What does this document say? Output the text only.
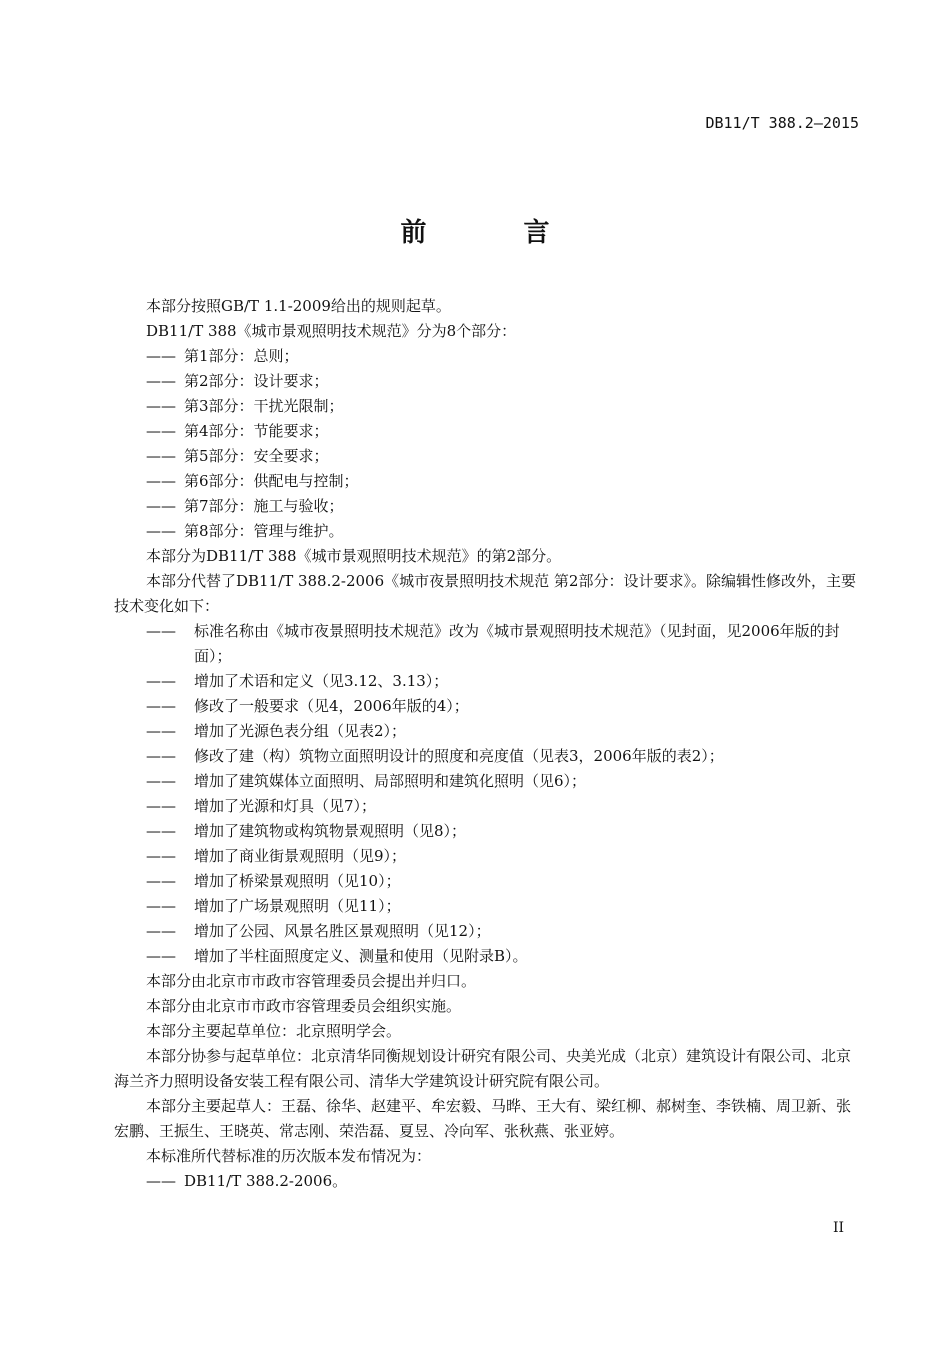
DB11/T 388.2—2015
前 言
本部分按照GB/T 1.1-2009给出的规则起草。
DB11/T 388《城市景观照明技术规范》分为8个部分：
—— 第1部分：总则；
—— 第2部分：设计要求；
—— 第3部分：干扰光限制；
—— 第4部分：节能要求；
—— 第5部分：安全要求；
—— 第6部分：供配电与控制；
—— 第7部分：施工与验收；
—— 第8部分：管理与维护。
本部分为DB11/T 388《城市景观照明技术规范》的第2部分。
本部分代替了DB11/T 388.2-2006《城市夜景照明技术规范 第2部分：设计要求》。除编辑性修改外，主要技术变化如下：
——	标准名称由《城市夜景照明技术规范》改为《城市景观照明技术规范》（见封面，见2006年版的封面）；
——	增加了术语和定义（见3.12、3.13）；
——	修改了一般要求（见4，2006年版的4）；
——	增加了光源色表分组（见表2）；
——	修改了建（构）筑物立面照明设计的照度和亮度值（见表3，2006年版的表2）；
——	增加了建筑媒体立面照明、局部照明和建筑化照明（见6）；
——	增加了光源和灯具（见7）；
——	增加了建筑物或构筑物景观照明（见8）；
——	增加了商业街景观照明（见9）；
——	增加了桥梁景观照明（见10）；
——	增加了广场景观照明（见11）；
——	增加了公园、风景名胜区景观照明（见12）；
——	增加了半柱面照度定义、测量和使用（见附录B）。
本部分由北京市市政市容管理委员会提出并归口。
本部分由北京市市政市容管理委员会组织实施。
本部分主要起草单位：北京照明学会。
本部分协参与起草单位：北京清华同衡规划设计研究有限公司、央美光成（北京）建筑设计有限公司、北京海兰齐力照明设备安装工程有限公司、清华大学建筑设计研究院有限公司。
本部分主要起草人：王磊、徐华、赵建平、牟宏毅、马晔、王大有、梁红柳、郝树奎、李铁楠、周卫新、张宏鹏、王振生、王晓英、常志刚、荣浩磊、夏昱、冷向军、张秋燕、张亚婷。
本标准所代替标准的历次版本发布情况为：
—— DB11/T 388.2-2006。
II
